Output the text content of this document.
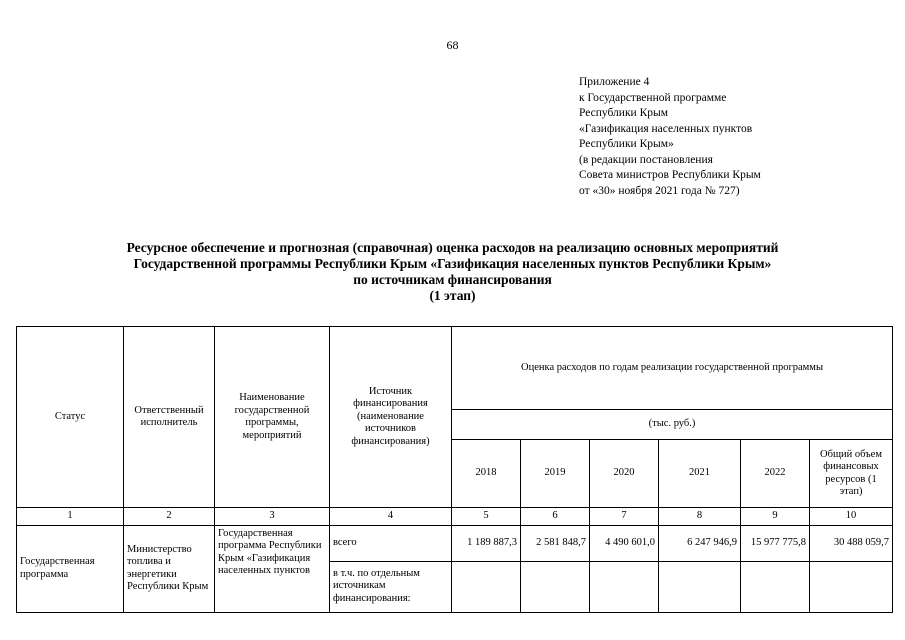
68
Приложение 4
к Государственной программе
Республики Крым
«Газификация населенных пунктов
Республики Крым»
(в редакции постановления
Совета министров Республики Крым
от «30» ноября 2021 года № 727)
Ресурсное обеспечение и прогнозная (справочная) оценка расходов на реализацию основных мероприятий
Государственной программы Республики Крым «Газификация населенных пунктов Республики Крым»
по источникам финансирования
(1 этап)
Статус	Ответственный исполнитель	Наименование государственной программы, мероприятий	Источник финансирования (наименование источников финансирования)	Оценка расходов по годам реализации государственной программы					
				(тыс. руб.)					
				2018	2019	2020	2021	2022	Общий объем финансовых ресурсов (1 этап)
1	2	3	4	5	6	7	8	9	10
Государственная программа	Министерство топлива и энергетики Республики Крым	Государственная программа Республики Крым «Газификация населенных пунктов	всего	1 189 887,3	2 581 848,7	4 490 601,0	6 247 946,9	15 977 775,8	30 488 059,7
			в т.ч. по отдельным источникам финансирования:						
